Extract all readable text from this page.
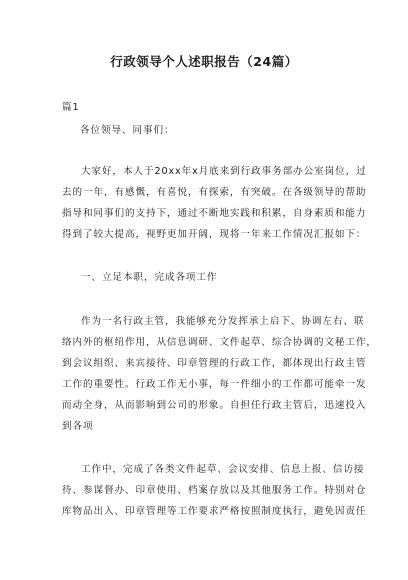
行政领导个人述职报告（24篇）
篇1
各位领导、同事们：
大家好，本人于20xx年x月底来到行政事务部办公室岗位，过
去的一年，有感慨，有喜悦，有探索，有突破。在各级领导的帮助
指导和同事们的支持下，通过不断地实践和积累，自身素质和能力
得到了较大提高，视野更加开阔，现将一年来工作情况汇报如下：
一、立足本职，完成各项工作
作为一名行政主管，我能够充分发挥承上启下、协调左右、联
络内外的枢纽作用，从信息调研、文件起草、综合协调的文秘工作，
到会议组织、来宾接待、印章管理的行政工作，都体现出行政主管
工作的重要性。行政工作无小事，每一件细小的工作都可能牵一发
而动全身，从而影响到公司的形象。自担任行政主管后，迅速投入
到各项
工作中，完成了各类文件起草、会议安排、信息上报、信访接
待、参谋督办、印章使用、档案存放以及其他服务工作。特别对仓
库物品出入、印章管理等工作要求严格按照制度执行，避免因责任
